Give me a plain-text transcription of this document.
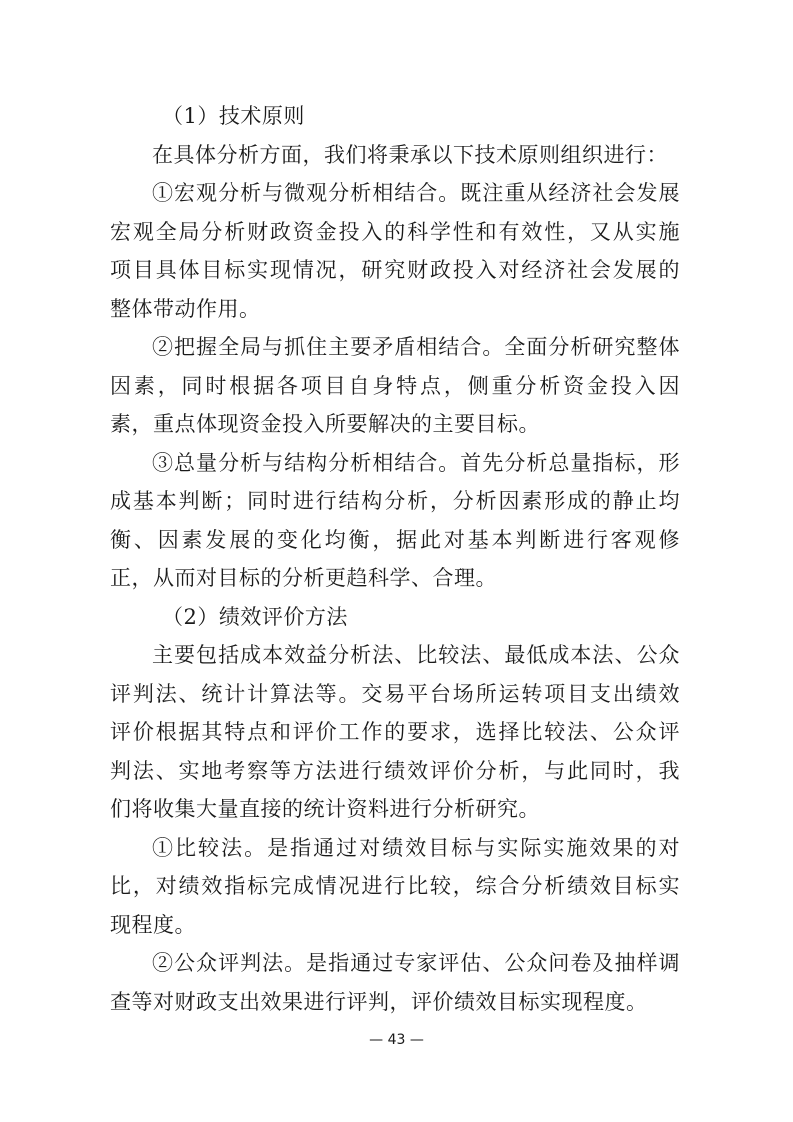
（1）技术原则
在具体分析方面，我们将秉承以下技术原则组织进行：
①宏观分析与微观分析相结合。既注重从经济社会发展
宏观全局分析财政资金投入的科学性和有效性，又从实施
项目具体目标实现情况，研究财政投入对经济社会发展的
整体带动作用。
②把握全局与抓住主要矛盾相结合。全面分析研究整体
因素，同时根据各项目自身特点，侧重分析资金投入因
素，重点体现资金投入所要解决的主要目标。
③总量分析与结构分析相结合。首先分析总量指标，形
成基本判断；同时进行结构分析，分析因素形成的静止均
衡、因素发展的变化均衡，据此对基本判断进行客观修
正，从而对目标的分析更趋科学、合理。
（2）绩效评价方法
主要包括成本效益分析法、比较法、最低成本法、公众
评判法、统计计算法等。交易平台场所运转项目支出绩效
评价根据其特点和评价工作的要求，选择比较法、公众评
判法、实地考察等方法进行绩效评价分析，与此同时，我
们将收集大量直接的统计资料进行分析研究。
①比较法。是指通过对绩效目标与实际实施效果的对
比，对绩效指标完成情况进行比较，综合分析绩效目标实
现程度。
②公众评判法。是指通过专家评估、公众问卷及抽样调
查等对财政支出效果进行评判，评价绩效目标实现程度。
— 43 —
